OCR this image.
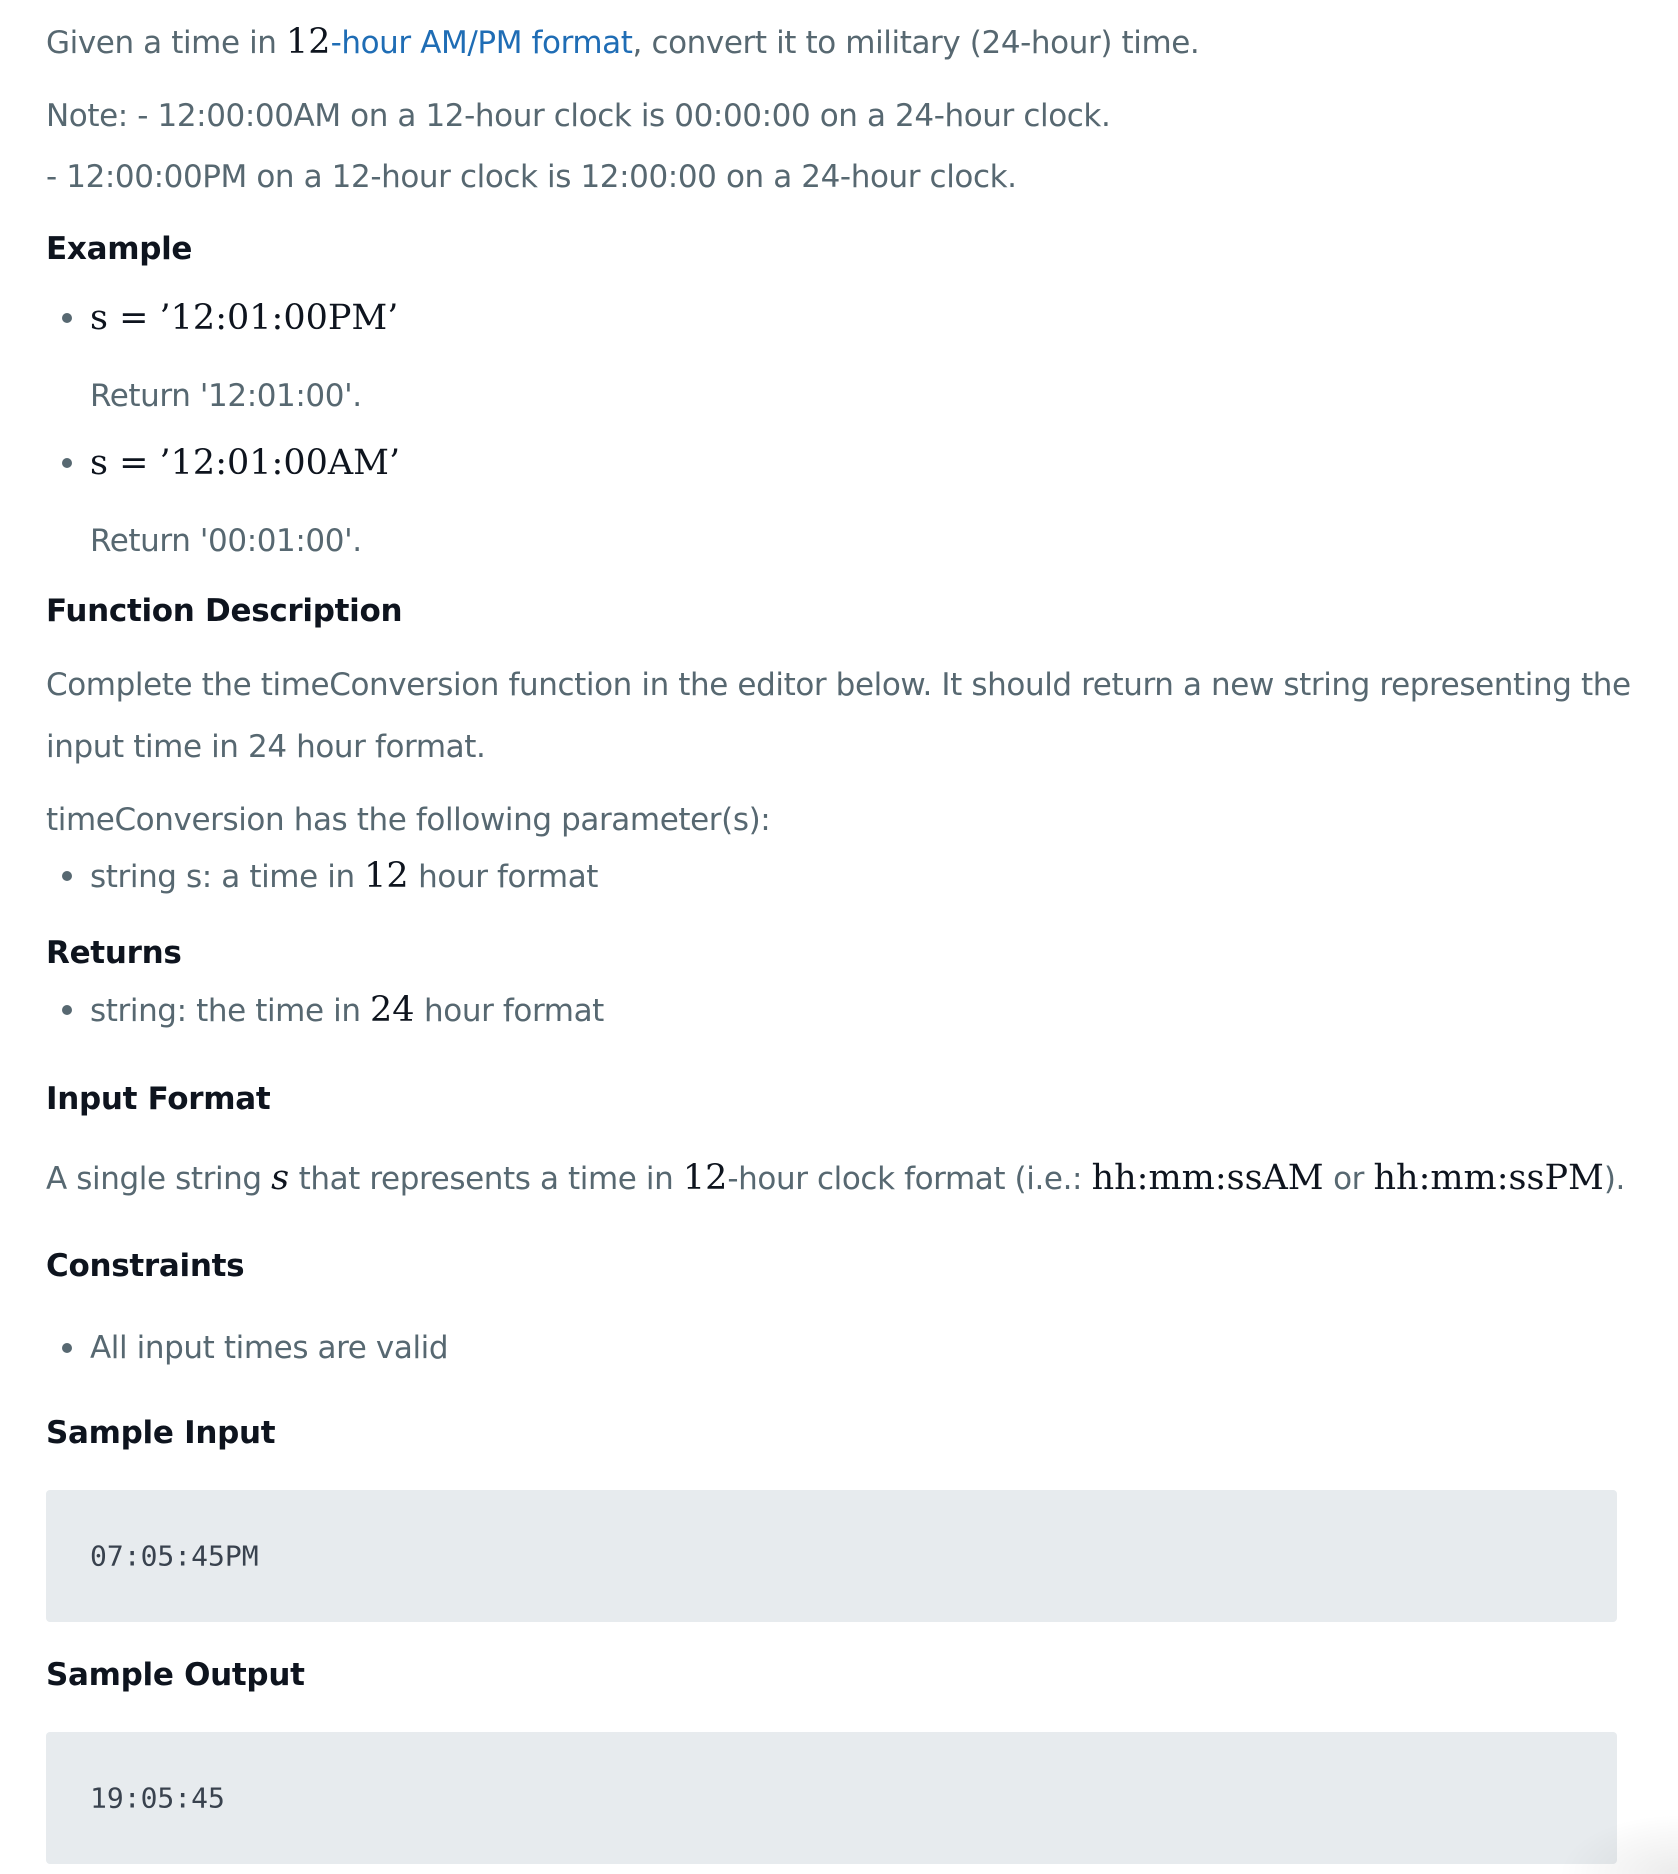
Given a time in 12-hour AM/PM format, convert it to military (24-hour) time.

Note: - 12:00:00AM on a 12-hour clock is 00:00:00 on a 24-hour clock.

- 12:00:00PM on a 12-hour clock is 12:00:00 on a 24-hour clock.

Example
s = ’12:01:00PM’

Return '12:01:00'.

s = ’12:01:00AM’

Return '00:01:00'.

Function Description

Complete the timeConversion function in the editor below. It should return a new string representing the

input time in 24 hour format.

timeConversion has the following parameter(s):

string s: a time in 12 hour format
Returns
string: the time in 24 hour format
Input Format

A single string s that represents a time in 12-hour clock format (i.e.: hh:mm:ssAM or hh:mm:ssPM).

Constraints
All input times are valid
Sample Input
Sample Output
07:05:45PM
19:05:45
